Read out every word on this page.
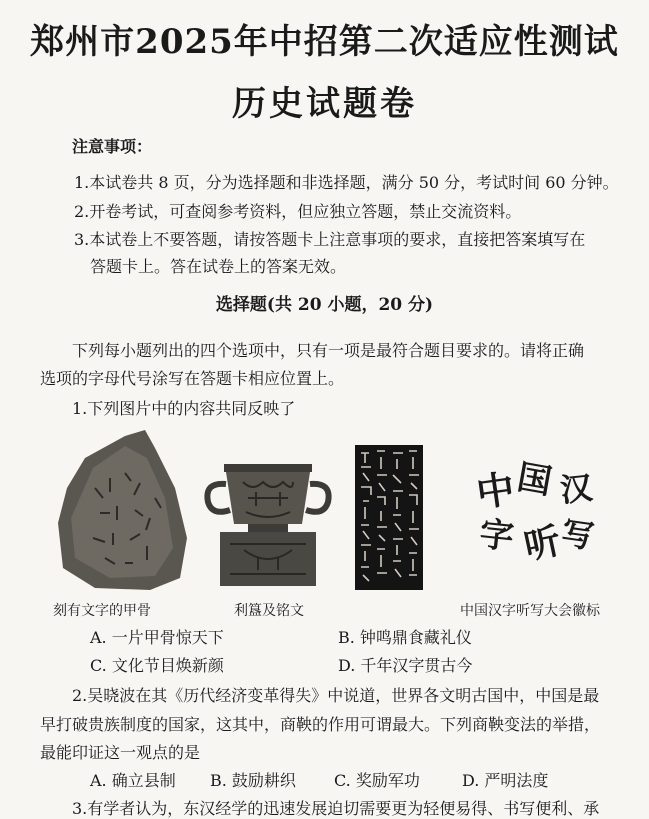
郑州市2025年中招第二次适应性测试
历史试题卷
注意事项：
1.本试卷共 8 页，分为选择题和非选择题，满分 50 分，考试时间 60 分钟。
2.开卷考试，可查阅参考资料，但应独立答题，禁止交流资料。
3.本试卷上不要答题，请按答题卡上注意事项的要求，直接把答案填写在
答题卡上。答在试卷上的答案无效。
选择题(共 20 小题，20 分)
下列每小题列出的四个选项中，只有一项是最符合题目要求的。请将正确
选项的字母代号涂写在答题卡相应位置上。
1.下列图片中的内容共同反映了
中
国 汉
字 听
写
刻有文字的甲骨	利簋及铭文	中国汉字听写大会徽标
A. 一片甲骨惊天下	B. 钟鸣鼎食藏礼仪
C. 文化节目焕新颜	D. 千年汉字贯古今
2.吴晓波在其《历代经济变革得失》中说道，世界各文明古国中，中国是最
早打破贵族制度的国家，这其中，商鞅的作用可谓最大。下列商鞅变法的举措，
最能印证这一观点的是
A. 确立县制 B. 鼓励耕织 C. 奖励军功	D. 严明法度
3.有学者认为，东汉经学的迅速发展迫切需要更为轻便易得、书写便利、承
